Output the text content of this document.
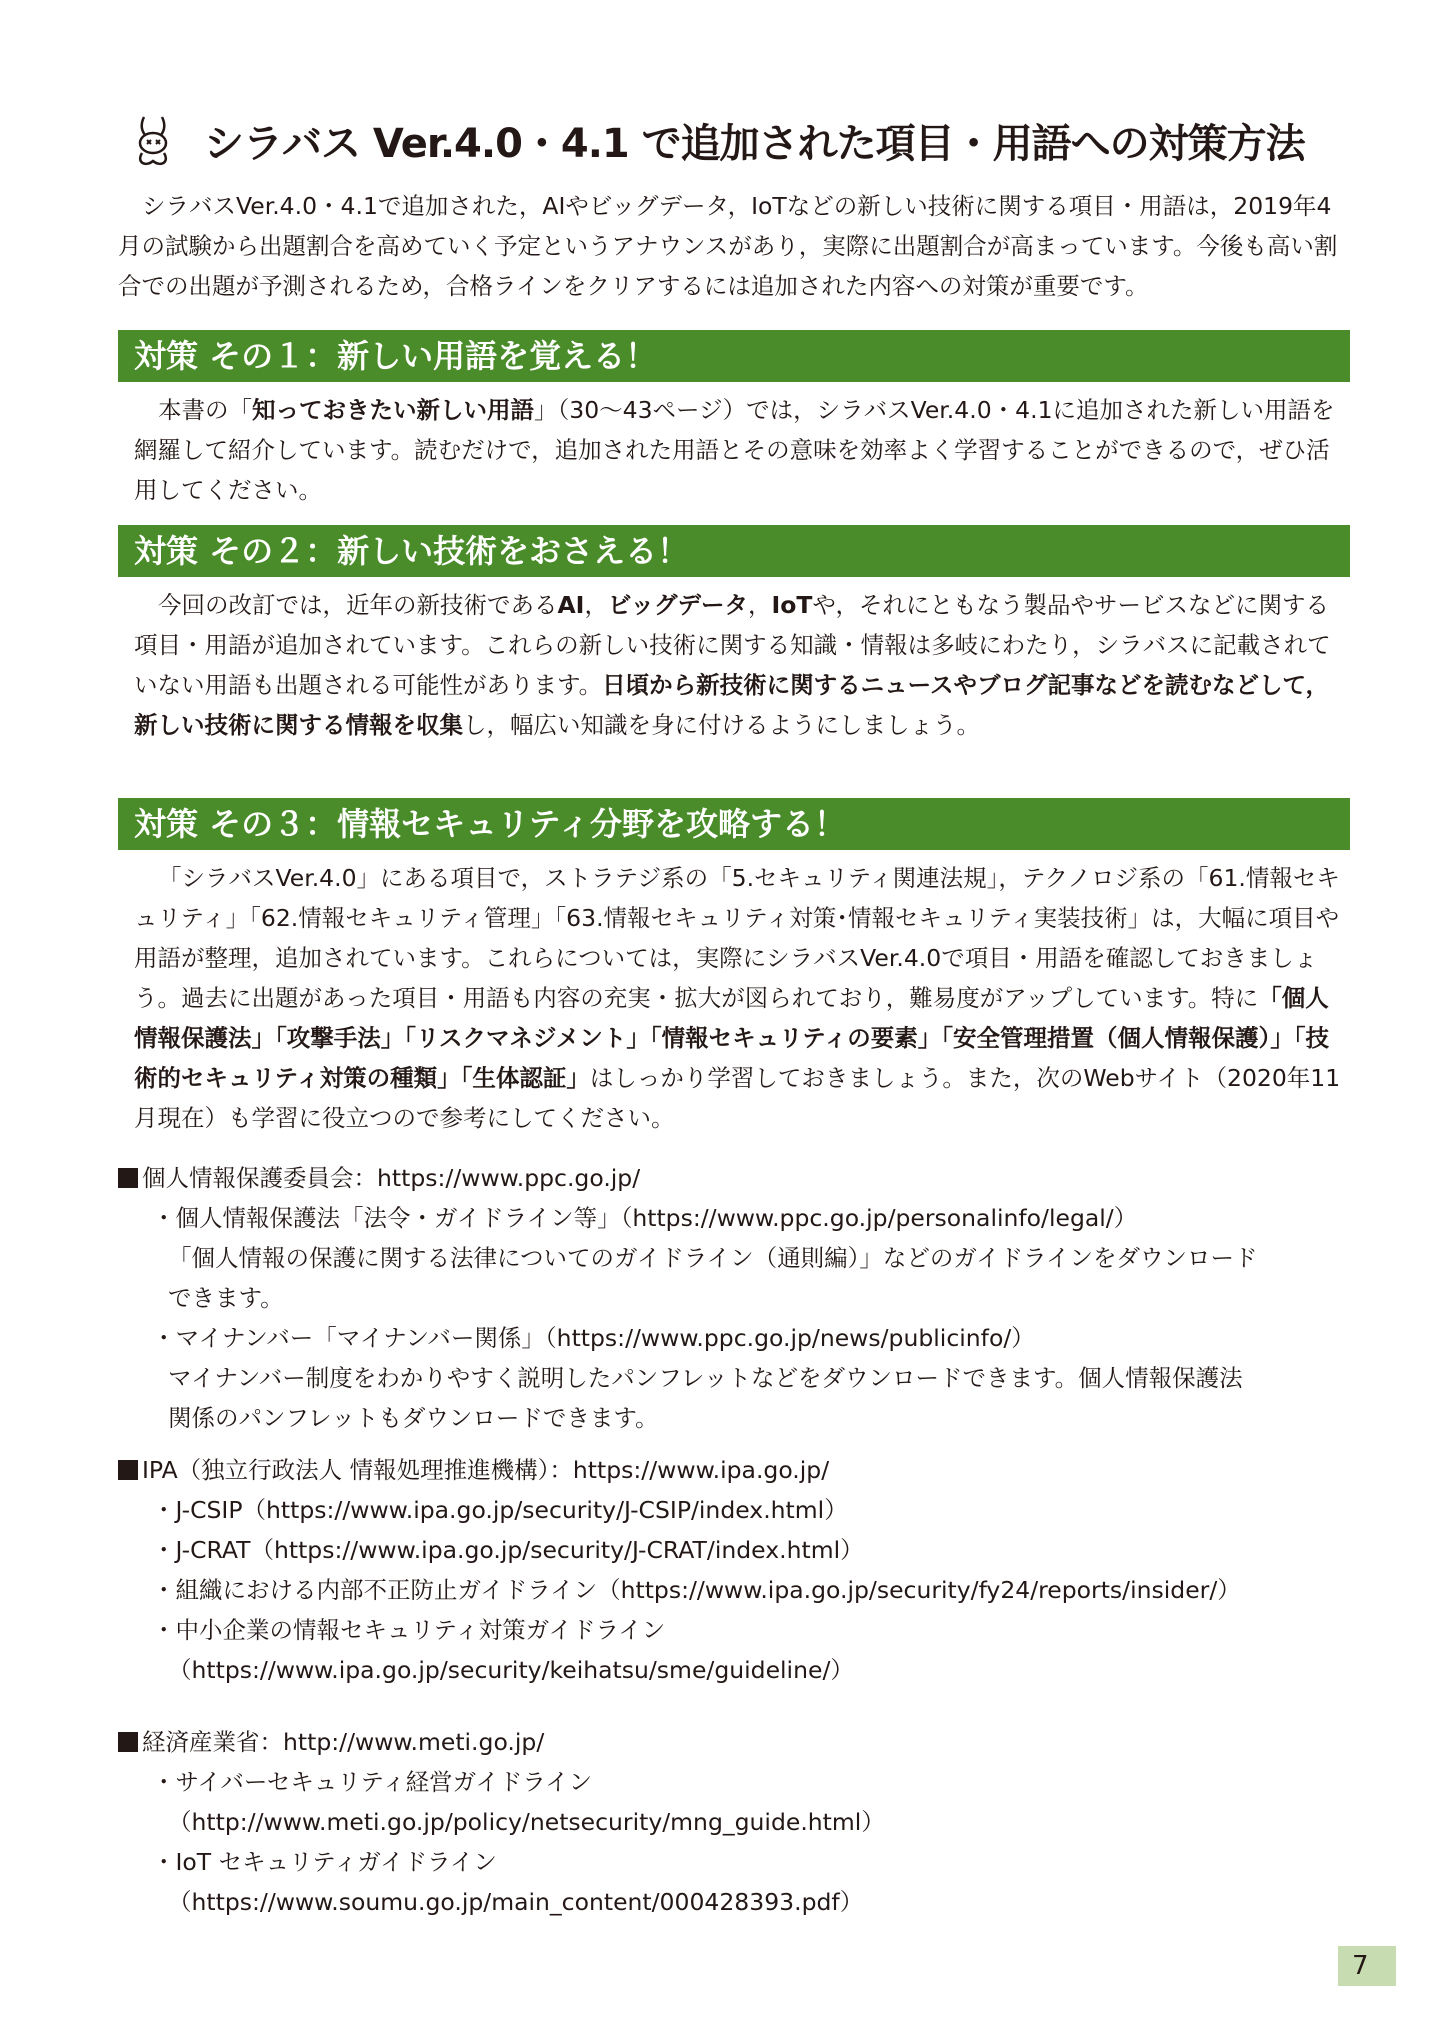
シラバス Ver.4.0・4.1 で追加された項目・用語への対策方法

シラバスVer.4.0・4.1で追加された，AIやビッグデータ，IoTなどの新しい技術に関する項目・用語は，2019年4月の試験から出題割合を高めていく予定というアナウンスがあり，実際に出題割合が高まっています。今後も高い割合での出題が予測されるため，合格ラインをクリアするには追加された内容への対策が重要です。

対策 その１：新しい用語を覚える！

本書の「知っておきたい新しい用語」（30〜43ページ）では，シラバスVer.4.0・4.1に追加された新しい用語を網羅して紹介しています。読むだけで，追加された用語とその意味を効率よく学習することができるので，ぜひ活用してください。

対策 その２：新しい技術をおさえる！

今回の改訂では，近年の新技術であるAI，ビッグデータ，IoTや，それにともなう製品やサービスなどに関する項目・用語が追加されています。これらの新しい技術に関する知識・情報は多岐にわたり，シラバスに記載されていない用語も出題される可能性があります。日頃から新技術に関するニュースやブログ記事などを読むなどして，新しい技術に関する情報を収集し，幅広い知識を身に付けるようにしましょう。

対策 その３：情報セキュリティ分野を攻略する！

「シラバスVer.4.0」にある項目で，ストラテジ系の「5.セキュリティ関連法規」，テクノロジ系の「61.情報セキュリティ」「62.情報セキュリティ管理」「63.情報セキュリティ対策･情報セキュリティ実装技術」は，大幅に項目や用語が整理，追加されています。これらについては，実際にシラバスVer.4.0で項目・用語を確認しておきましょう。過去に出題があった項目・用語も内容の充実・拡大が図られており，難易度がアップしています。特に「個人情報保護法」「攻撃手法」「リスクマネジメント」「情報セキュリティの要素」「安全管理措置（個人情報保護）」「技術的セキュリティ対策の種類」「生体認証」はしっかり学習しておきましょう。また，次のWebサイト（2020年11月現在）も学習に役立つので参考にしてください。

個人情報保護委員会：https://www.ppc.go.jp/
・ 個人情報保護法「法令・ガイドライン等」（https://www.ppc.go.jp/personalinfo/legal/）
「個人情報の保護に関する法律についてのガイドライン（通則編）」などのガイドラインをダウンロード
できます。
・ マイナンバー「マイナンバー関係」（https://www.ppc.go.jp/news/publicinfo/）
マイナンバー制度をわかりやすく説明したパンフレットなどをダウンロードできます。個人情報保護法
関係のパンフレットもダウンロードできます。
IPA（独立行政法人 情報処理推進機構）：https://www.ipa.go.jp/
・ J-CSIP（https://www.ipa.go.jp/security/J-CSIP/index.html）
・ J-CRAT（https://www.ipa.go.jp/security/J-CRAT/index.html）
・ 組織における内部不正防止ガイドライン（https://www.ipa.go.jp/security/fy24/reports/insider/）
・ 中小企業の情報セキュリティ対策ガイドライン
（https://www.ipa.go.jp/security/keihatsu/sme/guideline/）
経済産業省：http://www.meti.go.jp/
・ サイバーセキュリティ経営ガイドライン
（http://www.meti.go.jp/policy/netsecurity/mng_guide.html）
・ IoT セキュリティガイドライン
（https://www.soumu.go.jp/main_content/000428393.pdf）
7
